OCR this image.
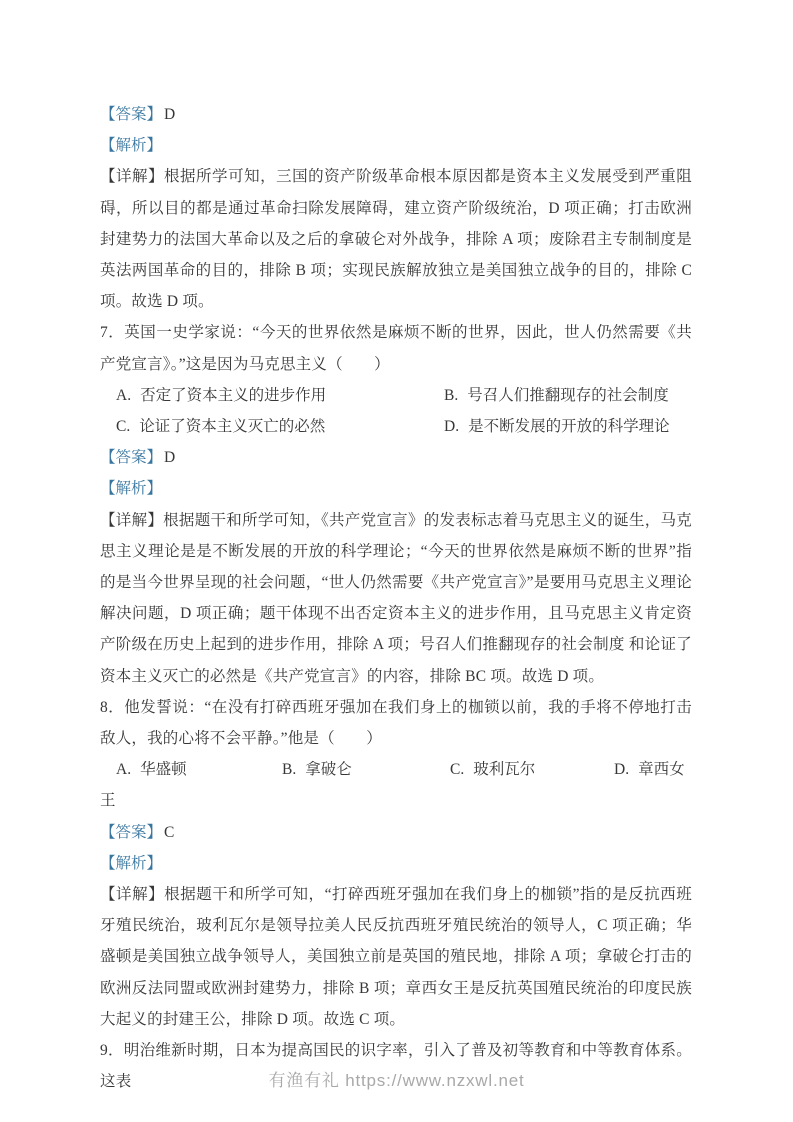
【答案】 D

【解析】

【详解】根据所学可知，三国的资产阶级革命根本原因都是资本主义发展受到严重阻碍，所以目的都是通过革命扫除发展障碍，建立资产阶级统治，D 项正确；打击欧洲封建势力的法国大革命以及之后的拿破仑对外战争，排除 A 项；废除君主专制制度是英法两国革命的目的，排除 B 项；实现民族解放独立是美国独立战争的目的，排除 C 项。故选 D 项。

7．英国一史学家说：“今天的世界依然是麻烦不断的世界，因此，世人仍然需要《共产党宣言》。”这是因为马克思主义（　　）

A. 否定了资本主义的进步作用	B. 号召人们推翻现存的社会制度
C. 论证了资本主义灭亡的必然	D. 是不断发展的开放的科学理论

【答案】 D

【解析】

【详解】根据题干和所学可知，《共产党宣言》的发表标志着马克思主义的诞生，马克思主义理论是是不断发展的开放的科学理论；“今天的世界依然是麻烦不断的世界”指的是当今世界呈现的社会问题，“世人仍然需要《共产党宣言》”是要用马克思主义理论解决问题，D 项正确；题干体现不出否定资本主义的进步作用，且马克思主义肯定资产阶级在历史上起到的进步作用，排除 A 项；号召人们推翻现存的社会制度 和论证了资本主义灭亡的必然是《共产党宣言》的内容，排除 BC 项。故选 D 项。

8．他发誓说：“在没有打碎西班牙强加在我们身上的枷锁以前，我的手将不停地打击敌人，我的心将不会平静。”他是（　　）

A. 华盛顿	B. 拿破仑	C. 玻利瓦尔	D. 章西女

王

【答案】 C

【解析】

【详解】根据题干和所学可知，“打碎西班牙强加在我们身上的枷锁”指的是反抗西班牙殖民统治，玻利瓦尔是领导拉美人民反抗西班牙殖民统治的领导人，C 项正确；华盛顿是美国独立战争领导人，美国独立前是英国的殖民地，排除 A 项；拿破仑打击的欧洲反法同盟或欧洲封建势力，排除 B 项；章西女王是反抗英国殖民统治的印度民族大起义的封建王公，排除 D 项。故选 C 项。

9．明治维新时期，日本为提高国民的识字率，引入了普及初等教育和中等教育体系。这表	有渔有礼 https://www.nzxwl.net
